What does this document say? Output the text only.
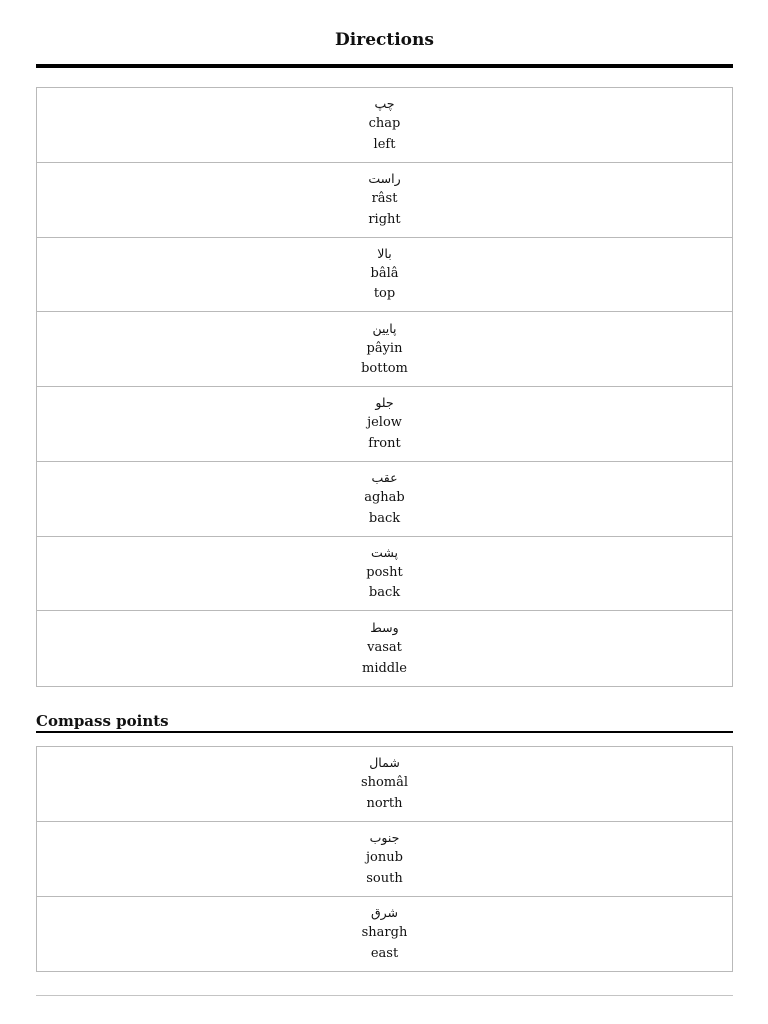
Directions
چپ
chap
left
راست
râst
right
بالا
bâlâ
top
پایین
pâyin
bottom
جلو
jelow
front
عقب
aghab
back
پشت
posht
back
وسط
vasat
middle
Compass points
شمال
shomâl
north
جنوب
jonub
south
شرق
shargh
east
